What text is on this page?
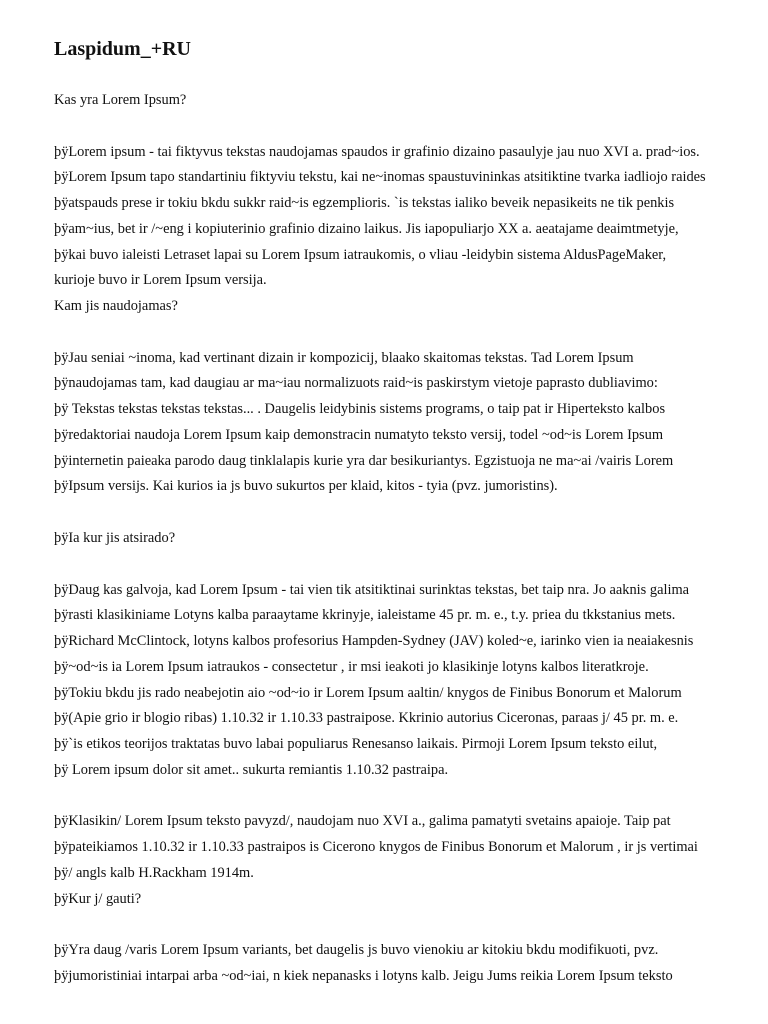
Laspidum_+RU
Kas yra Lorem Ipsum?
þÿLorem ipsum - tai fiktyvus tekstas naudojamas spaudos ir grafinio dizaino pasaulyje jau nuo XVI a. prad~ios.
þÿLorem Ipsum tapo standartiniu fiktyviu tekstu, kai ne~inomas spaustuvininkas atsitiktine tvarka iadliojo raides
þÿatspauds prese ir tokiu bkdu sukkr raid~is egzemplioris. `is tekstas ialiko beveik nepasikeits ne tik penkis
þÿam~ius, bet ir /~eng i kopiuterinio grafinio dizaino laikus. Jis iapopuliarjo XX a. aeatajame deaimtmetyje,
þÿkai buvo ialeisti Letraset lapai su Lorem Ipsum iatraukomis, o vliau -leidybin sistema AldusPageMaker,
kurioje buvo ir Lorem Ipsum versija.
Kam jis naudojamas?
þÿJau seniai ~inoma, kad vertinant dizain ir kompozicij, blaako skaitomas tekstas. Tad Lorem Ipsum
þÿnaudojamas tam, kad daugiau ar ma~iau normalizuots raid~is paskirstym vietoje paprasto dubliavimo:
þÿ Tekstas tekstas tekstas tekstas... . Daugelis leidybinis sistems programs, o taip pat ir Hiperteksto kalbos
þÿredaktoriai naudoja Lorem Ipsum kaip demonstracin numatyto teksto versij, todel ~od~is Lorem Ipsum
þÿinternetin paieaka parodo daug tinklalapis kurie yra dar besikuriantys. Egzistuoja ne ma~ai /vairis Lorem
þÿIpsum versijs. Kai kurios ia js buvo sukurtos per klaid, kitos - tyia (pvz. jumoristins).
þÿIa kur jis atsirado?
þÿDaug kas galvoja, kad Lorem Ipsum - tai vien tik atsitiktinai surinktas tekstas, bet taip nra. Jo aaknis galima
þÿrasti klasikiniame Lotyns kalba paraaytame kkrinyje, ialeistame 45 pr. m. e., t.y. priea du tkkstanius mets.
þÿRichard McClintock, lotyns kalbos profesorius Hampden-Sydney (JAV) koled~e, iarinko vien ia neaiakesnis
þÿ~od~is ia Lorem Ipsum iatraukos - consectetur , ir msi ieakoti jo klasikinje lotyns kalbos literatkroje.
þÿTokiu bkdu jis rado neabejotin aio ~od~io ir Lorem Ipsum aaltin/ knygos de Finibus Bonorum et Malorum
þÿ(Apie grio ir blogio ribas) 1.10.32 ir 1.10.33 pastraipose. Kkrinio autorius Ciceronas, paraas j/ 45 pr. m. e.
þÿ`is etikos teorijos traktatas buvo labai populiarus Renesanso laikais. Pirmoji Lorem Ipsum teksto eilut,
þÿ Lorem ipsum dolor sit amet.. sukurta remiantis 1.10.32 pastraipa.
þÿKlasikin/ Lorem Ipsum teksto pavyzd/, naudojam nuo XVI a., galima pamatyti svetains apaioje. Taip pat
þÿpateikiamos 1.10.32 ir 1.10.33 pastraipos is Cicerono knygos de Finibus Bonorum et Malorum , ir js vertimai
þÿ/ angls kalb H.Rackham 1914m.
þÿKur j/ gauti?
þÿYra daug /varis Lorem Ipsum variants, bet daugelis js buvo vienokiu ar kitokiu bkdu modifikuoti, pvz.
þÿjumoristiniai intarpai arba ~od~iai, n kiek nepanasks i lotyns kalb. Jeigu Jums reikia Lorem Ipsum teksto
